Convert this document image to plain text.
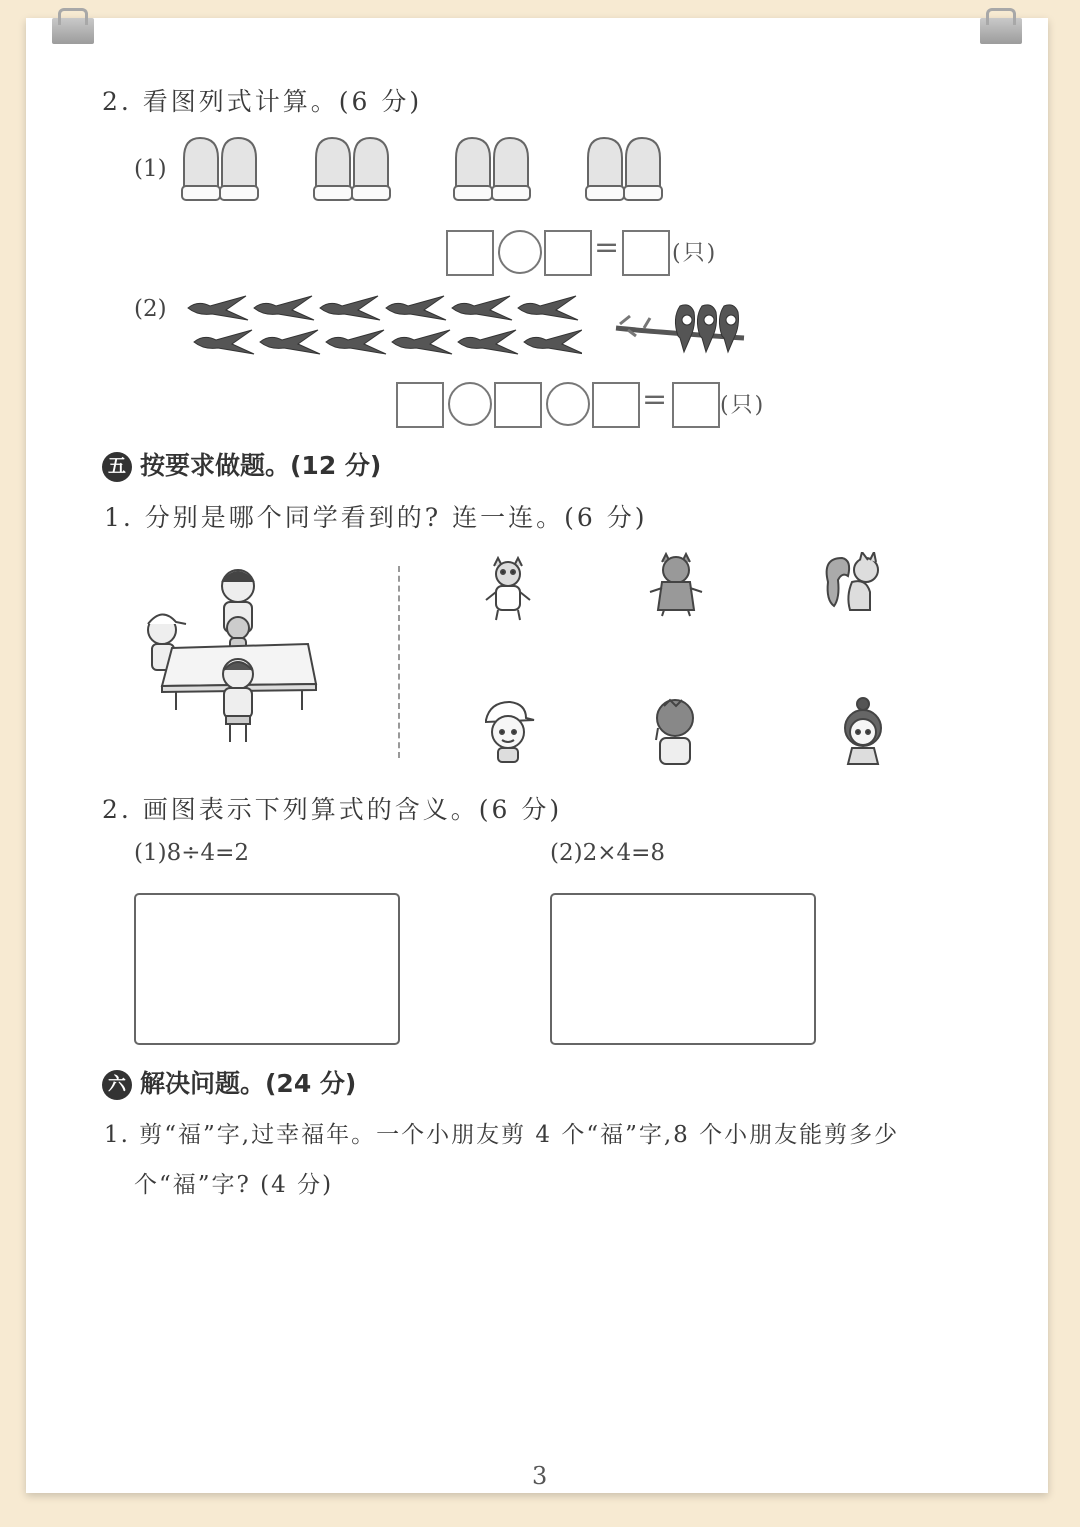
2. 看图列式计算。(6 分)
(1)
= (只)
(2)
= (只)
五 按要求做题。(12 分)
1. 分别是哪个同学看到的? 连一连。(6 分)
2. 画图表示下列算式的含义。(6 分)
(1)8÷4=2	(2)2×4=8
六 解决问题。(24 分)
1. 剪“福”字,过幸福年。一个小朋友剪 4 个“福”字,8 个小朋友能剪多少
个“福”字? (4 分)
3
